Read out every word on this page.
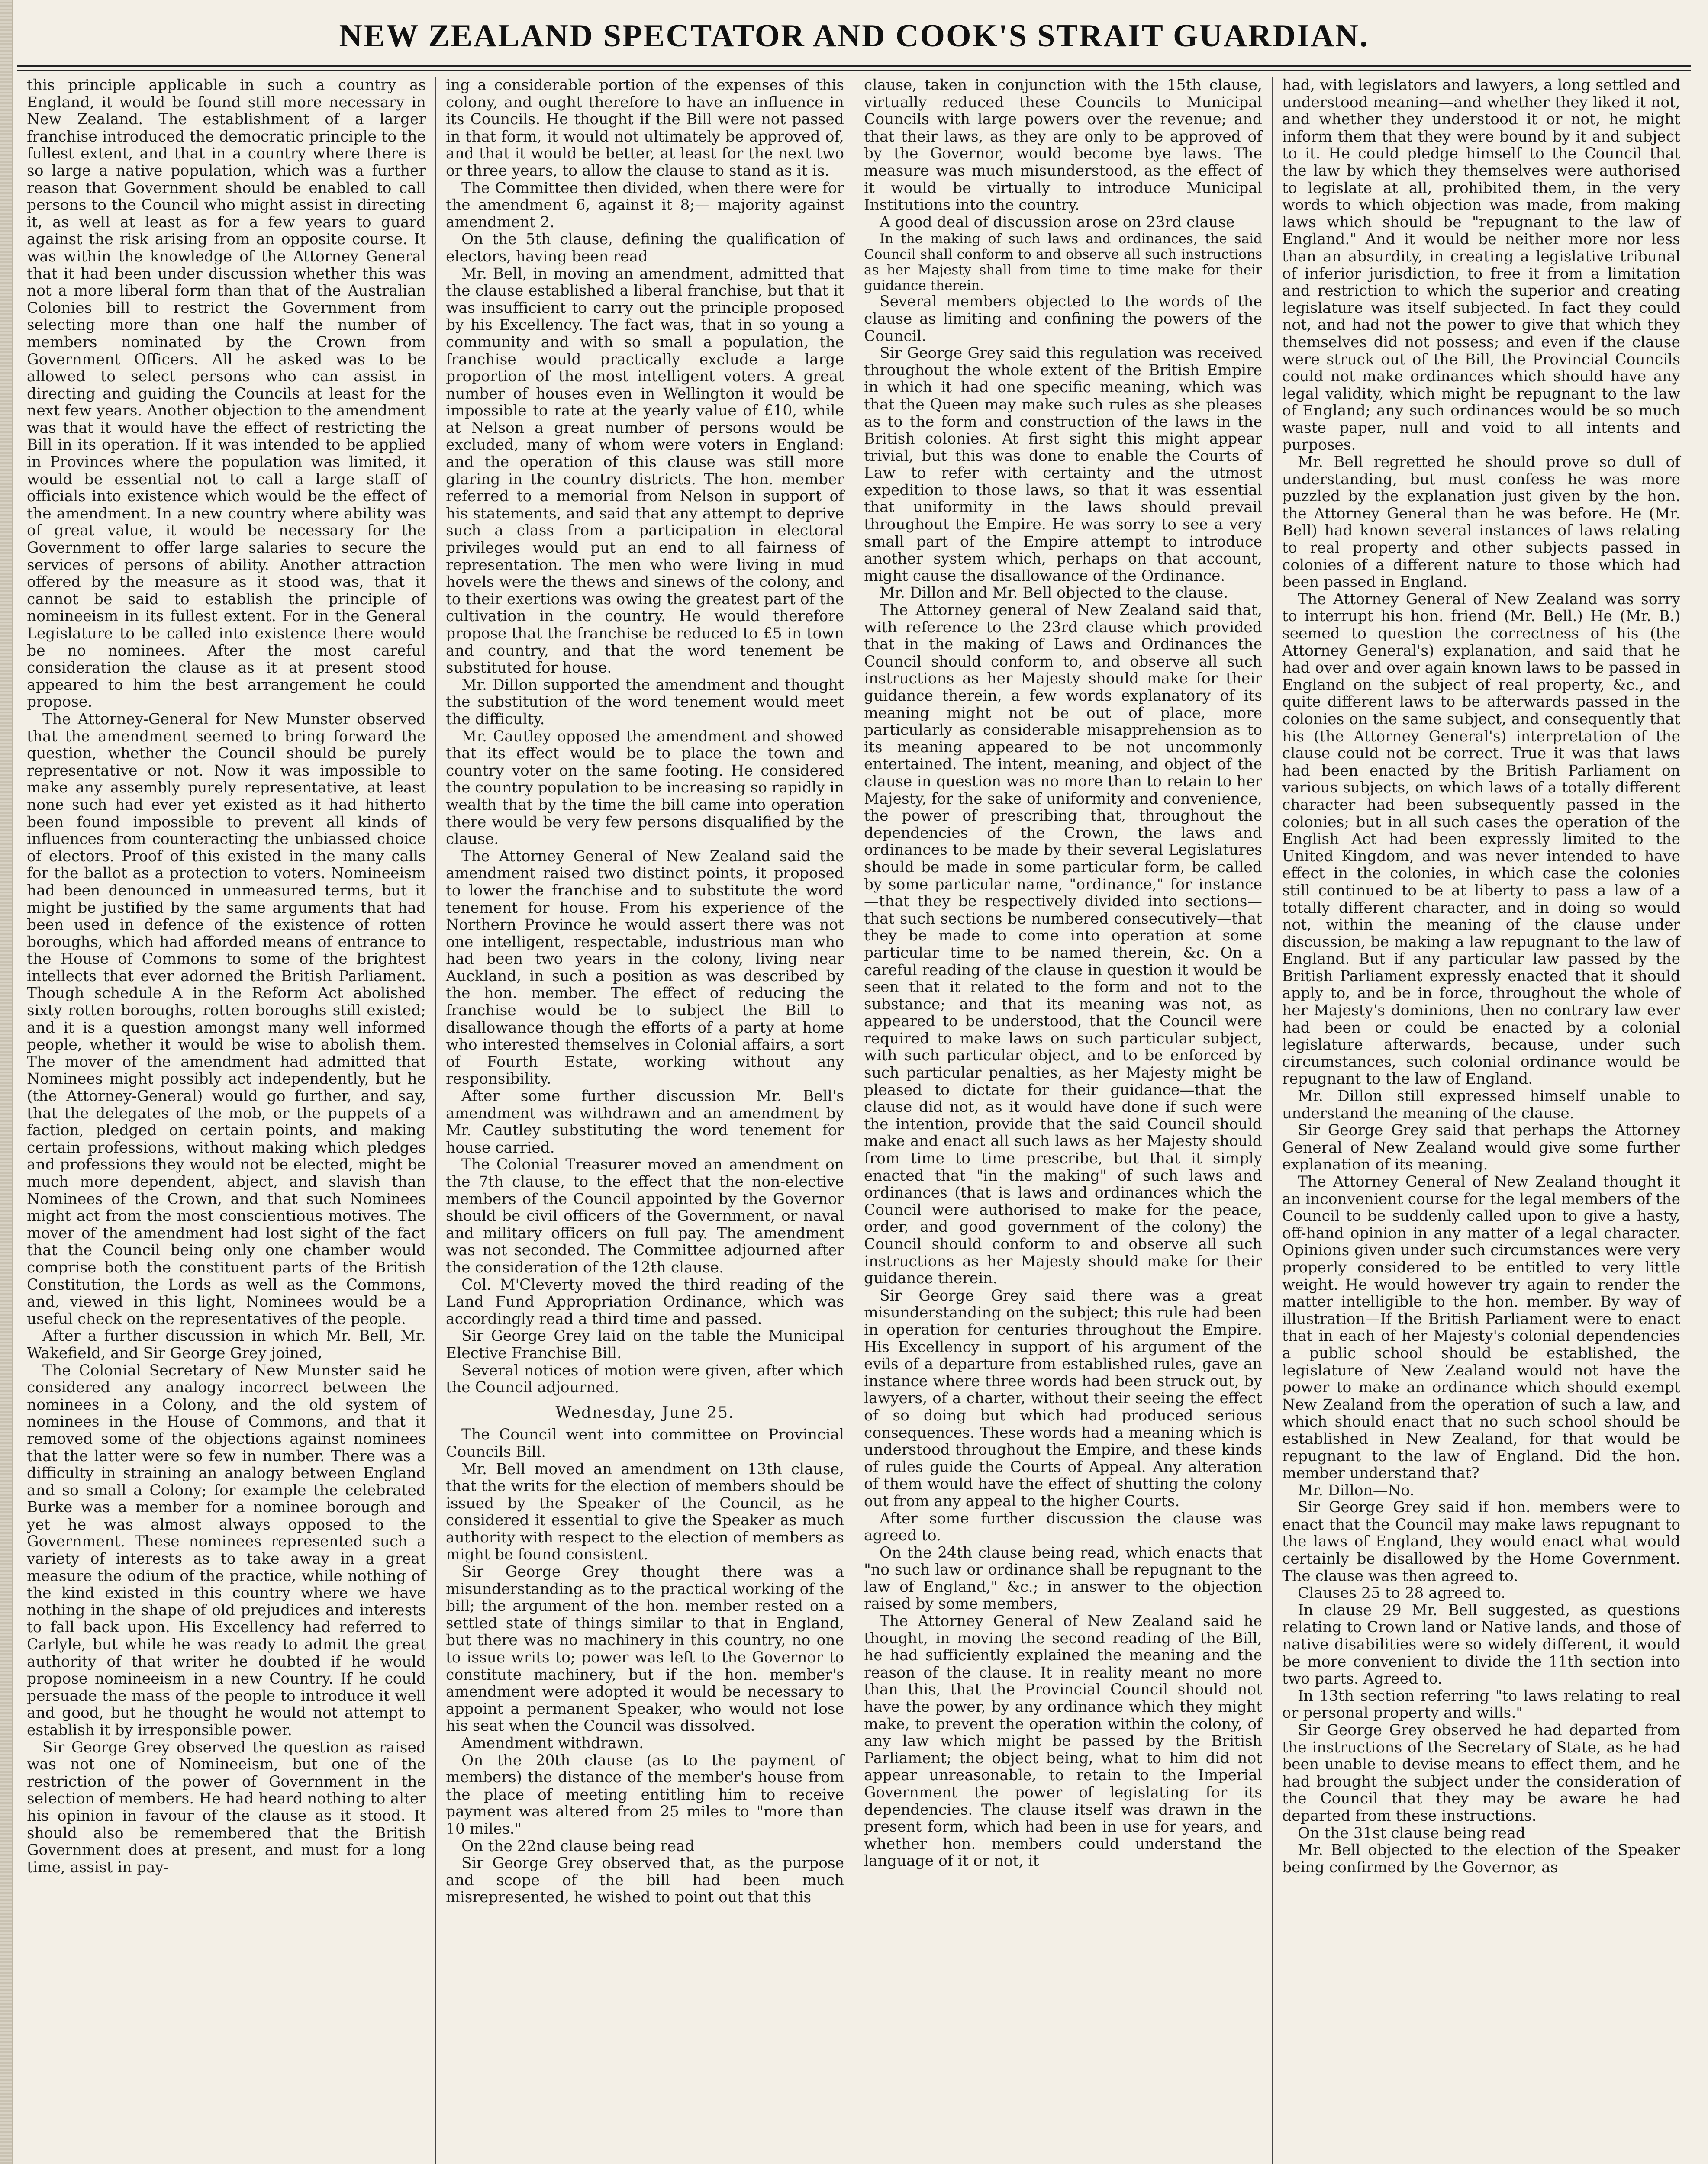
NEW ZEALAND SPECTATOR AND COOK'S STRAIT GUARDIAN.

this principle applicable in such a country as England, it would be found still more necessary in New Zealand. The establishment of a larger franchise introduced the democratic principle to the fullest extent, and that in a country where there is so large a native population, which was a further reason that Government should be enabled to call persons to the Council who might assist in directing it, as well at least as for a few years to guard against the risk arising from an opposite course. It was within the knowledge of the Attorney General that it had been under discussion whether this was not a more liberal form than that of the Australian Colonies bill to restrict the Government from selecting more than one half the number of members nominated by the Crown from Government Officers. All he asked was to be allowed to select persons who can assist in directing and guiding the Councils at least for the next few years. Another objection to the amendment was that it would have the effect of restricting the Bill in its operation. If it was intended to be applied in Provinces where the population was limited, it would be essential not to call a large staff of officials into existence which would be the effect of the amendment. In a new country where ability was of great value, it would be necessary for the Government to offer large salaries to secure the services of persons of ability. Another attraction offered by the measure as it stood was, that it cannot be said to establish the principle of nomineeism in its fullest extent. For in the General Legislature to be called into existence there would be no nominees. After the most careful consideration the clause as it at present stood appeared to him the best arrangement he could propose.

The Attorney-General for New Munster observed that the amendment seemed to bring forward the question, whether the Council should be purely representative or not. Now it was impossible to make any assembly purely representative, at least none such had ever yet existed as it had hitherto been found impossible to prevent all kinds of influences from counteracting the unbiassed choice of electors. Proof of this existed in the many calls for the ballot as a protection to voters. Nomineeism had been denounced in unmeasured terms, but it might be justified by the same arguments that had been used in defence of the existence of rotten boroughs, which had afforded means of entrance to the House of Commons to some of the brightest intellects that ever adorned the British Parliament. Though schedule A in the Reform Act abolished sixty rotten boroughs, rotten boroughs still existed; and it is a question amongst many well informed people, whether it would be wise to abolish them. The mover of the amendment had admitted that Nominees might possibly act independently, but he (the Attorney-General) would go further, and say, that the delegates of the mob, or the puppets of a faction, pledged on certain points, and making certain professions, without making which pledges and professions they would not be elected, might be much more dependent, abject, and slavish than Nominees of the Crown, and that such Nominees might act from the most conscientious motives. The mover of the amendment had lost sight of the fact that the Council being only one chamber would comprise both the constituent parts of the British Constitution, the Lords as well as the Commons, and, viewed in this light, Nominees would be a useful check on the representatives of the people.

After a further discussion in which Mr. Bell, Mr. Wakefield, and Sir George Grey joined,

The Colonial Secretary of New Munster said he considered any analogy incorrect between the nominees in a Colony, and the old system of nominees in the House of Commons, and that it removed some of the objections against nominees that the latter were so few in number. There was a difficulty in straining an analogy between England and so small a Colony; for example the celebrated Burke was a member for a nominee borough and yet he was almost always opposed to the Government. These nominees represented such a variety of interests as to take away in a great measure the odium of the practice, while nothing of the kind existed in this country where we have nothing in the shape of old prejudices and interests to fall back upon. His Excellency had referred to Carlyle, but while he was ready to admit the great authority of that writer he doubted if he would propose nomineeism in a new Country. If he could persuade the mass of the people to introduce it well and good, but he thought he would not attempt to establish it by irresponsible power.

Sir George Grey observed the question as raised was not one of Nomineeism, but one of the restriction of the power of Government in the selection of members. He had heard nothing to alter his opinion in favour of the clause as it stood. It should also be remembered that the British Government does at present, and must for a long time, assist in pay-

ing a considerable portion of the expenses of this colony, and ought therefore to have an influence in its Councils. He thought if the Bill were not passed in that form, it would not ultimately be approved of, and that it would be better, at least for the next two or three years, to allow the clause to stand as it is.

The Committee then divided, when there were for the amendment 6, against it 8;— majority against amendment 2.

On the 5th clause, defining the qualification of electors, having been read

Mr. Bell, in moving an amendment, admitted that the clause established a liberal franchise, but that it was insufficient to carry out the principle proposed by his Excellency. The fact was, that in so young a community and with so small a population, the franchise would practically exclude a large proportion of the most intelligent voters. A great number of houses even in Wellington it would be impossible to rate at the yearly value of £10, while at Nelson a great number of persons would be excluded, many of whom were voters in England: and the operation of this clause was still more glaring in the country districts. The hon. member referred to a memorial from Nelson in support of his statements, and said that any attempt to deprive such a class from a participation in electoral privileges would put an end to all fairness of representation. The men who were living in mud hovels were the thews and sinews of the colony, and to their exertions was owing the greatest part of the cultivation in the country. He would therefore propose that the franchise be reduced to £5 in town and country, and that the word tenement be substituted for house.

Mr. Dillon supported the amendment and thought the substitution of the word tenement would meet the difficulty.

Mr. Cautley opposed the amendment and showed that its effect would be to place the town and country voter on the same footing. He considered the country population to be increasing so rapidly in wealth that by the time the bill came into operation there would be very few persons disqualified by the clause.

The Attorney General of New Zealand said the amendment raised two distinct points, it proposed to lower the franchise and to substitute the word tenement for house. From his experience of the Northern Province he would assert there was not one intelligent, respectable, industrious man who had been two years in the colony, living near Auckland, in such a position as was described by the hon. member. The effect of reducing the franchise would be to subject the Bill to disallowance though the efforts of a party at home who interested themselves in Colonial affairs, a sort of Fourth Estate, working without any responsibility.

After some further discussion Mr. Bell's amendment was withdrawn and an amendment by Mr. Cautley substituting the word tenement for house carried.

The Colonial Treasurer moved an amendment on the 7th clause, to the effect that the non-elective members of the Council appointed by the Governor should be civil officers of the Government, or naval and military officers on full pay. The amendment was not seconded. The Committee adjourned after the consideration of the 12th clause.

Col. M'Cleverty moved the third reading of the Land Fund Appropriation Ordinance, which was accordingly read a third time and passed.

Sir George Grey laid on the table the Municipal Elective Franchise Bill.

Several notices of motion were given, after which the Council adjourned.

Wednesday, June 25.

The Council went into committee on Provincial Councils Bill.

Mr. Bell moved an amendment on 13th clause, that the writs for the election of members should be issued by the Speaker of the Council, as he considered it essential to give the Speaker as much authority with respect to the election of members as might be found consistent.

Sir George Grey thought there was a misunderstanding as to the practical working of the bill; the argument of the hon. member rested on a settled state of things similar to that in England, but there was no machinery in this country, no one to issue writs to; power was left to the Governor to constitute machinery, but if the hon. member's amendment were adopted it would be necessary to appoint a permanent Speaker, who would not lose his seat when the Council was dissolved.

Amendment withdrawn.

On the 20th clause (as to the payment of members) the distance of the member's house from the place of meeting entitling him to receive payment was altered from 25 miles to "more than 10 miles."

On the 22nd clause being read

Sir George Grey observed that, as the purpose and scope of the bill had been much misrepresented, he wished to point out that this

clause, taken in conjunction with the 15th clause, virtually reduced these Councils to Municipal Councils with large powers over the revenue; and that their laws, as they are only to be approved of by the Governor, would become bye laws. The measure was much misunderstood, as the effect of it would be virtually to introduce Municipal Institutions into the country.

A good deal of discussion arose on 23rd clause

In the making of such laws and ordinances, the said Council shall conform to and observe all such instructions as her Majesty shall from time to time make for their guidance therein.

Several members objected to the words of the clause as limiting and confining the powers of the Council.

Sir George Grey said this regulation was received throughout the whole extent of the British Empire in which it had one specific meaning, which was that the Queen may make such rules as she pleases as to the form and construction of the laws in the British colonies. At first sight this might appear trivial, but this was done to enable the Courts of Law to refer with certainty and the utmost expedition to those laws, so that it was essential that uniformity in the laws should prevail throughout the Empire. He was sorry to see a very small part of the Empire attempt to introduce another system which, perhaps on that account, might cause the disallowance of the Ordinance.

Mr. Dillon and Mr. Bell objected to the clause.

The Attorney general of New Zealand said that, with reference to the 23rd clause which provided that in the making of Laws and Ordinances the Council should conform to, and observe all such instructions as her Majesty should make for their guidance therein, a few words explanatory of its meaning might not be out of place, more particularly as considerable misapprehension as to its meaning appeared to be not uncommonly entertained. The intent, meaning, and object of the clause in question was no more than to retain to her Majesty, for the sake of uniformity and convenience, the power of prescribing that, throughout the dependencies of the Crown, the laws and ordinances to be made by their several Legislatures should be made in some particular form, be called by some particular name, "ordinance," for instance—that they be respectively divided into sections—that such sections be numbered consecutively—that they be made to come into operation at some particular time to be named therein, &c. On a careful reading of the clause in question it would be seen that it related to the form and not to the substance; and that its meaning was not, as appeared to be understood, that the Council were required to make laws on such particular subject, with such particular object, and to be enforced by such particular penalties, as her Majesty might be pleased to dictate for their guidance—that the clause did not, as it would have done if such were the intention, provide that the said Council should make and enact all such laws as her Majesty should from time to time prescribe, but that it simply enacted that "in the making" of such laws and ordinances (that is laws and ordinances which the Council were authorised to make for the peace, order, and good government of the colony) the Council should conform to and observe all such instructions as her Majesty should make for their guidance therein.

Sir George Grey said there was a great misunderstanding on the subject; this rule had been in operation for centuries throughout the Empire. His Excellency in support of his argument of the evils of a departure from established rules, gave an instance where three words had been struck out, by lawyers, of a charter, without their seeing the effect of so doing but which had produced serious consequences. These words had a meaning which is understood throughout the Empire, and these kinds of rules guide the Courts of Appeal. Any alteration of them would have the effect of shutting the colony out from any appeal to the higher Courts.

After some further discussion the clause was agreed to.

On the 24th clause being read, which enacts that "no such law or ordinance shall be repugnant to the law of England," &c.; in answer to the objection raised by some members,

The Attorney General of New Zealand said he thought, in moving the second reading of the Bill, he had sufficiently explained the meaning and the reason of the clause. It in reality meant no more than this, that the Provincial Council should not have the power, by any ordinance which they might make, to prevent the operation within the colony, of any law which might be passed by the British Parliament; the object being, what to him did not appear unreasonable, to retain to the Imperial Government the power of legislating for its dependencies. The clause itself was drawn in the present form, which had been in use for years, and whether hon. members could understand the language of it or not, it

had, with legislators and lawyers, a long settled and understood meaning—and whether they liked it not, and whether they understood it or not, he might inform them that they were bound by it and subject to it. He could pledge himself to the Council that the law by which they themselves were authorised to legislate at all, prohibited them, in the very words to which objection was made, from making laws which should be "repugnant to the law of England." And it would be neither more nor less than an absurdity, in creating a legislative tribunal of inferior jurisdiction, to free it from a limitation and restriction to which the superior and creating legislature was itself subjected. In fact they could not, and had not the power to give that which they themselves did not possess; and even if the clause were struck out of the Bill, the Provincial Councils could not make ordinances which should have any legal validity, which might be repugnant to the law of England; any such ordinances would be so much waste paper, null and void to all intents and purposes.

Mr. Bell regretted he should prove so dull of understanding, but must confess he was more puzzled by the explanation just given by the hon. the Attorney General than he was before. He (Mr. Bell) had known several instances of laws relating to real property and other subjects passed in colonies of a different nature to those which had been passed in England.

The Attorney General of New Zealand was sorry to interrupt his hon. friend (Mr. Bell.) He (Mr. B.) seemed to question the correctness of his (the Attorney General's) explanation, and said that he had over and over again known laws to be passed in England on the subject of real property, &c., and quite different laws to be afterwards passed in the colonies on the same subject, and consequently that his (the Attorney General's) interpretation of the clause could not be correct. True it was that laws had been enacted by the British Parliament on various subjects, on which laws of a totally different character had been subsequently passed in the colonies; but in all such cases the operation of the English Act had been expressly limited to the United Kingdom, and was never intended to have effect in the colonies, in which case the colonies still continued to be at liberty to pass a law of a totally different character, and in doing so would not, within the meaning of the clause under discussion, be making a law repugnant to the law of England. But if any particular law passed by the British Parliament expressly enacted that it should apply to, and be in force, throughout the whole of her Majesty's dominions, then no contrary law ever had been or could be enacted by a colonial legislature afterwards, because, under such circumstances, such colonial ordinance would be repugnant to the law of England.

Mr. Dillon still expressed himself unable to understand the meaning of the clause.

Sir George Grey said that perhaps the Attorney General of New Zealand would give some further explanation of its meaning.

The Attorney General of New Zealand thought it an inconvenient course for the legal members of the Council to be suddenly called upon to give a hasty, off-hand opinion in any matter of a legal character. Opinions given under such circumstances were very properly considered to be entitled to very little weight. He would however try again to render the matter intelligible to the hon. member. By way of illustration—If the British Parliament were to enact that in each of her Majesty's colonial dependencies a public school should be established, the legislature of New Zealand would not have the power to make an ordinance which should exempt New Zealand from the operation of such a law, and which should enact that no such school should be established in New Zealand, for that would be repugnant to the law of England. Did the hon. member understand that?

Mr. Dillon—No.

Sir George Grey said if hon. members were to enact that the Council may make laws repugnant to the laws of England, they would enact what would certainly be disallowed by the Home Government. The clause was then agreed to.

Clauses 25 to 28 agreed to.

In clause 29 Mr. Bell suggested, as questions relating to Crown land or Native lands, and those of native disabilities were so widely different, it would be more convenient to divide the 11th section into two parts. Agreed to.

In 13th section referring "to laws relating to real or personal property and wills."

Sir George Grey observed he had departed from the instructions of the Secretary of State, as he had been unable to devise means to effect them, and he had brought the subject under the consideration of the Council that they may be aware he had departed from these instructions.

On the 31st clause being read

Mr. Bell objected to the election of the Speaker being confirmed by the Governor, as
